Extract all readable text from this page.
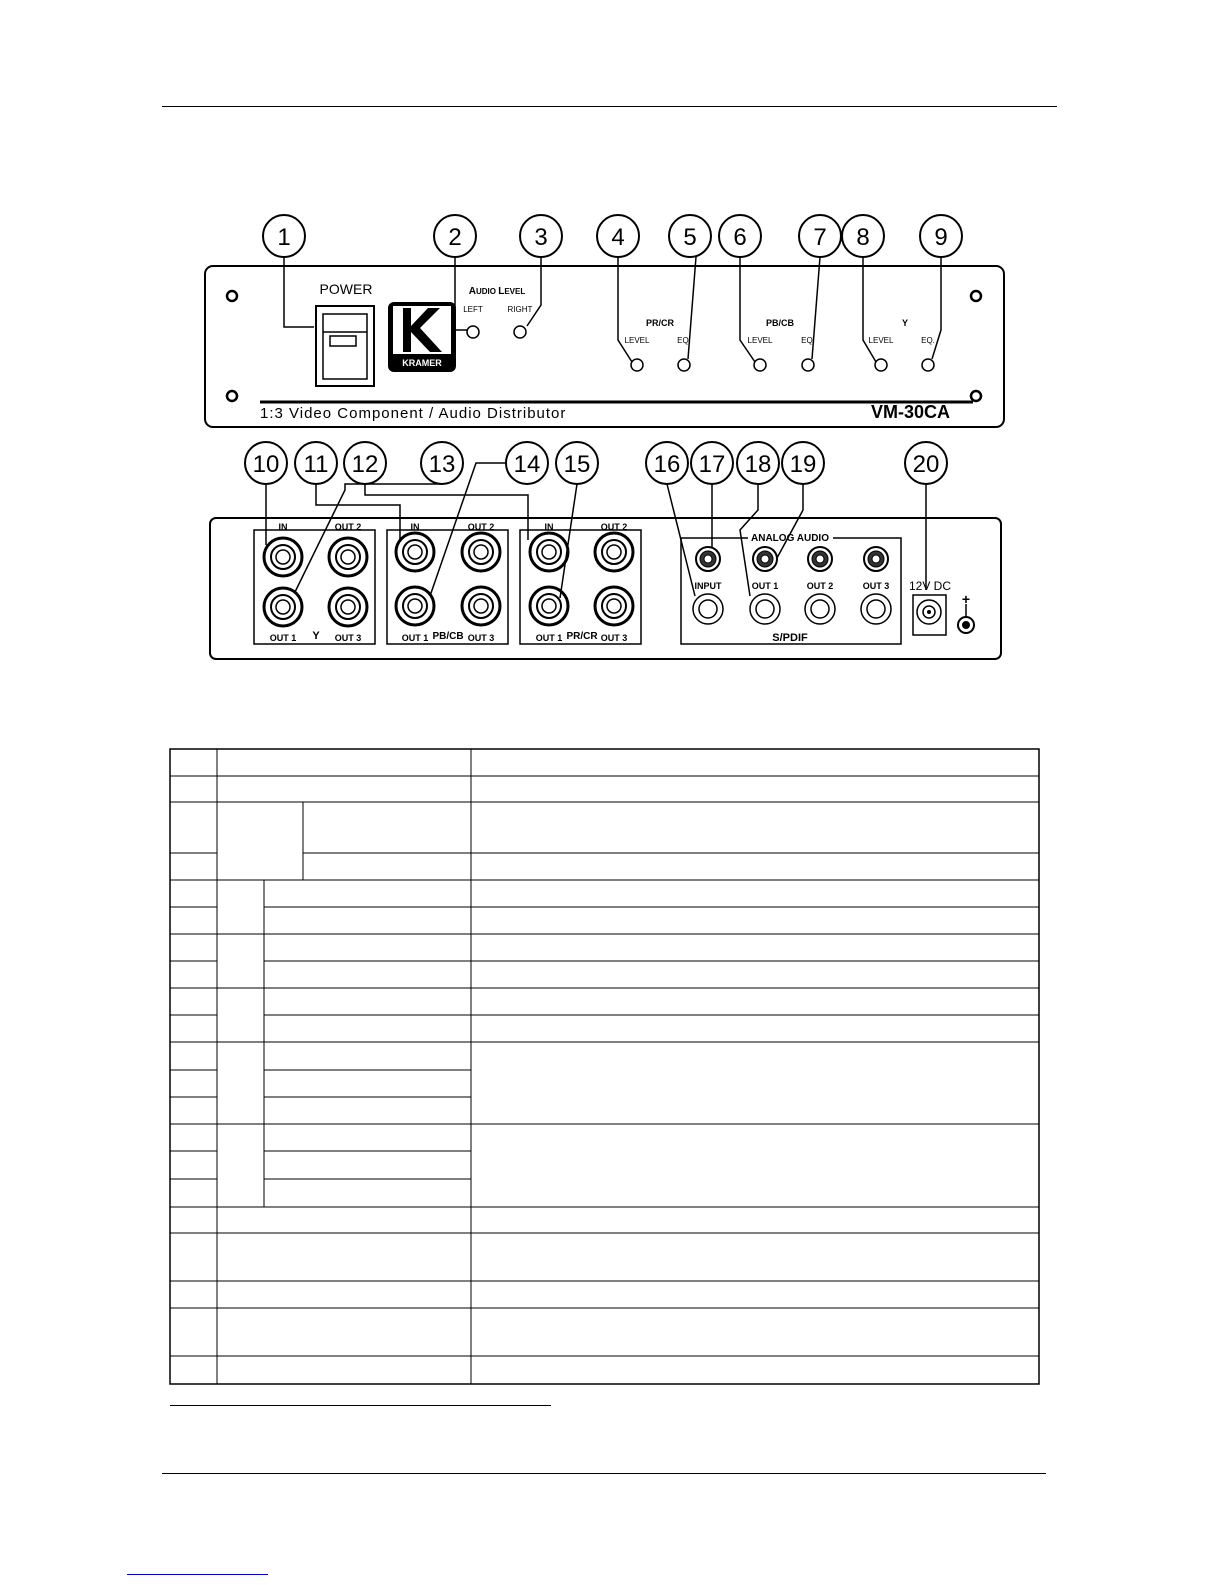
1	2	3	4 5 6	7 8	9
POWER
KRAMER
AUDIO LEVEL
LEFT	RIGHT
PR/CR
LEVEL	EQ.
PB/CB
LEVEL	EQ.
Y
LEVEL	EQ.
1:3 Video Component / Audio Distributor	VM-30CA
10 11 12 13 14 15	16 17 18 19	20
IN	OUT 2
OUT 1 Y OUT 3
IN	OUT 2
OUT 1 PB/CB OUT 3
IN	OUT 2
OUT 1 PR/CR OUT 3
ANALOG AUDIO
INPUT	OUT 1	OUT 2	OUT 3
S/PDIF
12V DC
+
